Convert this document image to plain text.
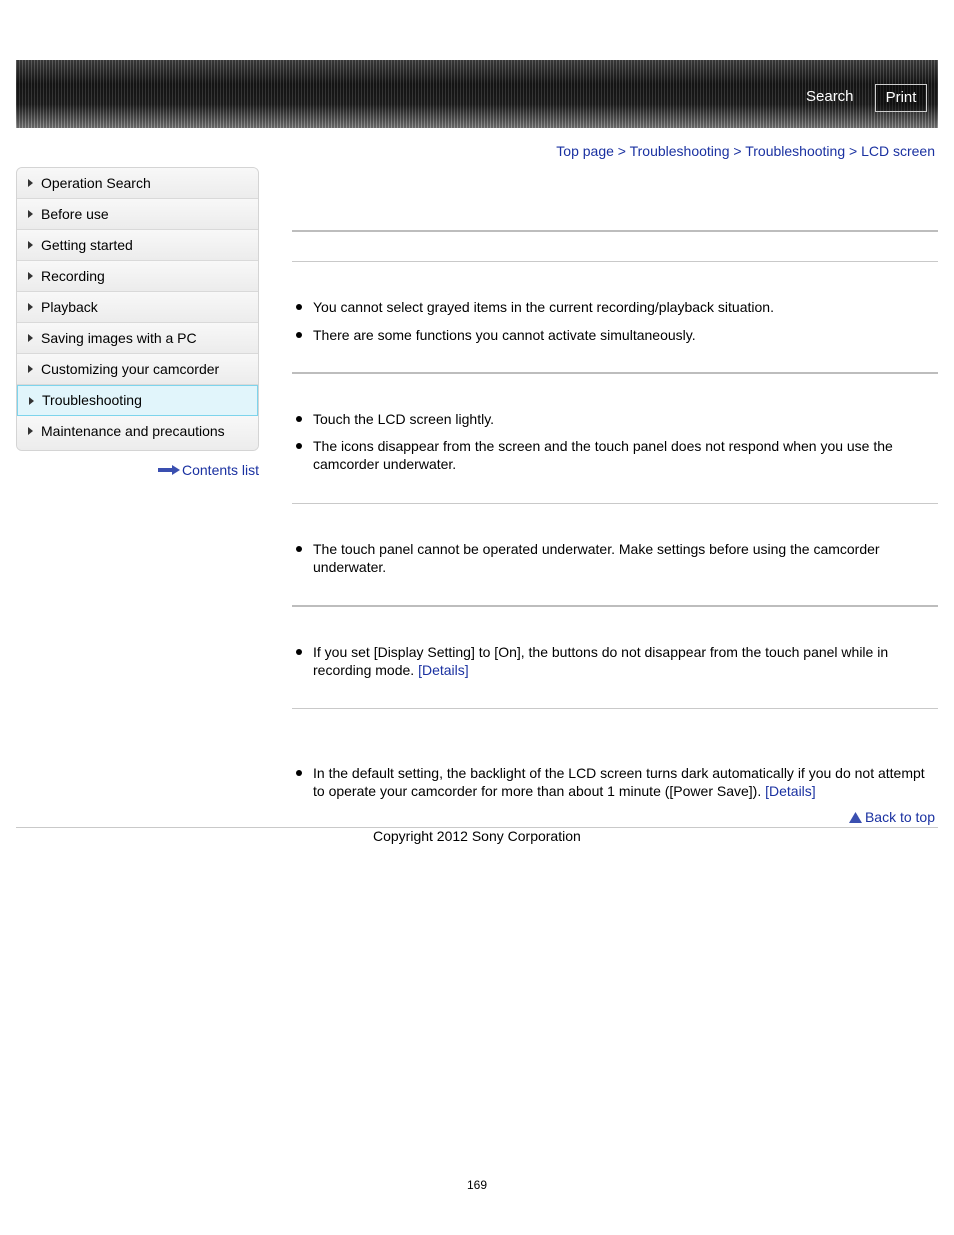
Search	Print
Top page > Troubleshooting > Troubleshooting > LCD screen
Operation Search
Before use
Getting started
Recording
Playback
Saving images with a PC
Customizing your camcorder
Troubleshooting
Maintenance and precautions
Contents list
You cannot select grayed items in the current recording/playback situation.
There are some functions you cannot activate simultaneously.
Touch the LCD screen lightly.
The icons disappear from the screen and the touch panel does not respond when you use the camcorder underwater.
The touch panel cannot be operated underwater. Make settings before using the camcorder underwater.
If you set [Display Setting] to [On], the buttons do not disappear from the touch panel while in recording mode. [Details]
In the default setting, the backlight of the LCD screen turns dark automatically if you do not attempt to operate your camcorder for more than about 1 minute ([Power Save]). [Details]
Back to top
Copyright 2012 Sony Corporation
169
